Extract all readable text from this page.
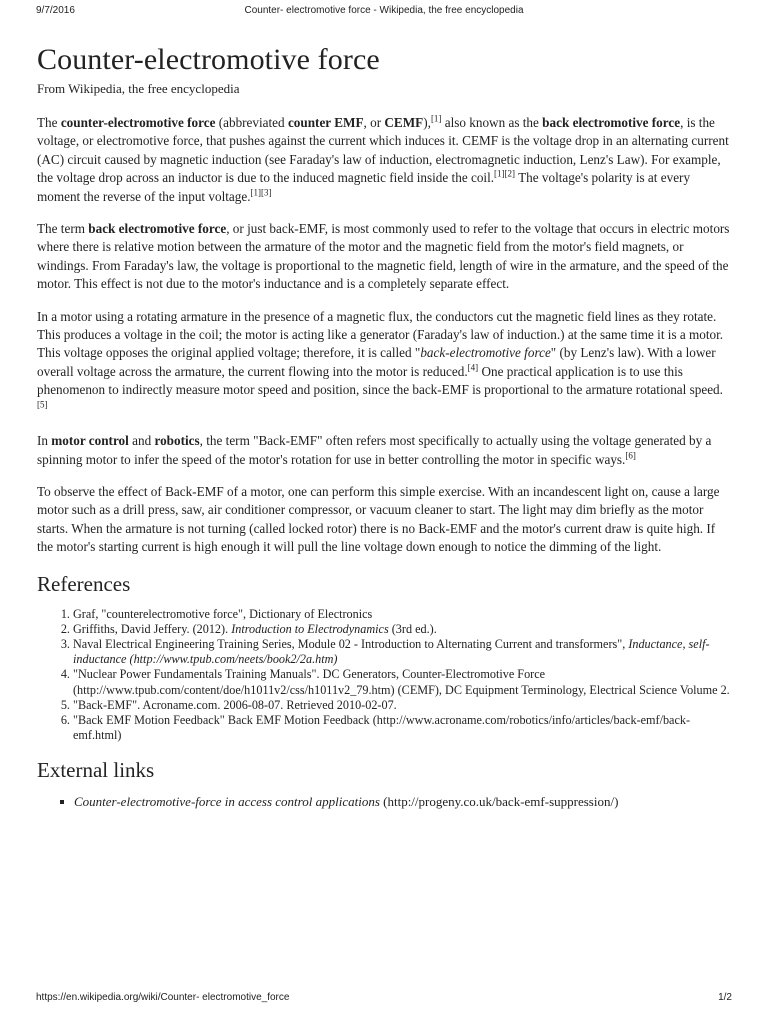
9/7/2016	Counter- electromotive force - Wikipedia, the free encyclopedia
Counter-electromotive force
From Wikipedia, the free encyclopedia

The counter-electromotive force (abbreviated counter EMF, or CEMF),[1] also known as the back electromotive force, is the voltage, or electromotive force, that pushes against the current which induces it. CEMF is the voltage drop in an alternating current (AC) circuit caused by magnetic induction (see Faraday's law of induction, electromagnetic induction, Lenz's Law). For example, the voltage drop across an inductor is due to the induced magnetic field inside the coil.[1][2] The voltage's polarity is at every moment the reverse of the input voltage.[1][3]

The term back electromotive force, or just back-EMF, is most commonly used to refer to the voltage that occurs in electric motors where there is relative motion between the armature of the motor and the magnetic field from the motor's field magnets, or windings. From Faraday's law, the voltage is proportional to the magnetic field, length of wire in the armature, and the speed of the motor. This effect is not due to the motor's inductance and is a completely separate effect.

In a motor using a rotating armature in the presence of a magnetic flux, the conductors cut the magnetic field lines as they rotate. This produces a voltage in the coil; the motor is acting like a generator (Faraday's law of induction.) at the same time it is a motor. This voltage opposes the original applied voltage; therefore, it is called "back-electromotive force" (by Lenz's law). With a lower overall voltage across the armature, the current flowing into the motor is reduced.[4] One practical application is to use this phenomenon to indirectly measure motor speed and position, since the back-EMF is proportional to the armature rotational speed.[5]

In motor control and robotics, the term "Back-EMF" often refers most specifically to actually using the voltage generated by a spinning motor to infer the speed of the motor's rotation for use in better controlling the motor in specific ways.[6]

To observe the effect of Back-EMF of a motor, one can perform this simple exercise. With an incandescent light on, cause a large motor such as a drill press, saw, air conditioner compressor, or vacuum cleaner to start. The light may dim briefly as the motor starts. When the armature is not turning (called locked rotor) there is no Back-EMF and the motor's current draw is quite high. If the motor's starting current is high enough it will pull the line voltage down enough to notice the dimming of the light.

References
1. Graf, "counterelectromotive force", Dictionary of Electronics
2. Griffiths, David Jeffery. (2012). Introduction to Electrodynamics (3rd ed.).
3. Naval Electrical Engineering Training Series, Module 02 - Introduction to Alternating Current and transformers", Inductance, self-inductance (http://www.tpub.com/neets/book2/2a.htm)
4. "Nuclear Power Fundamentals Training Manuals". DC Generators, Counter-Electromotive Force (http://www.tpub.com/content/doe/h1011v2/css/h1011v2_79.htm) (CEMF), DC Equipment Terminology, Electrical Science Volume 2.
5. "Back-EMF". Acroname.com. 2006-08-07. Retrieved 2010-02-07.
6. "Back EMF Motion Feedback" Back EMF Motion Feedback (http://www.acroname.com/robotics/info/articles/back-emf/back-emf.html)
External links
Counter-electromotive-force in access control applications (http://progeny.co.uk/back-emf-suppression/)
https://en.wikipedia.org/wiki/Counter- electromotive_force	1/2
